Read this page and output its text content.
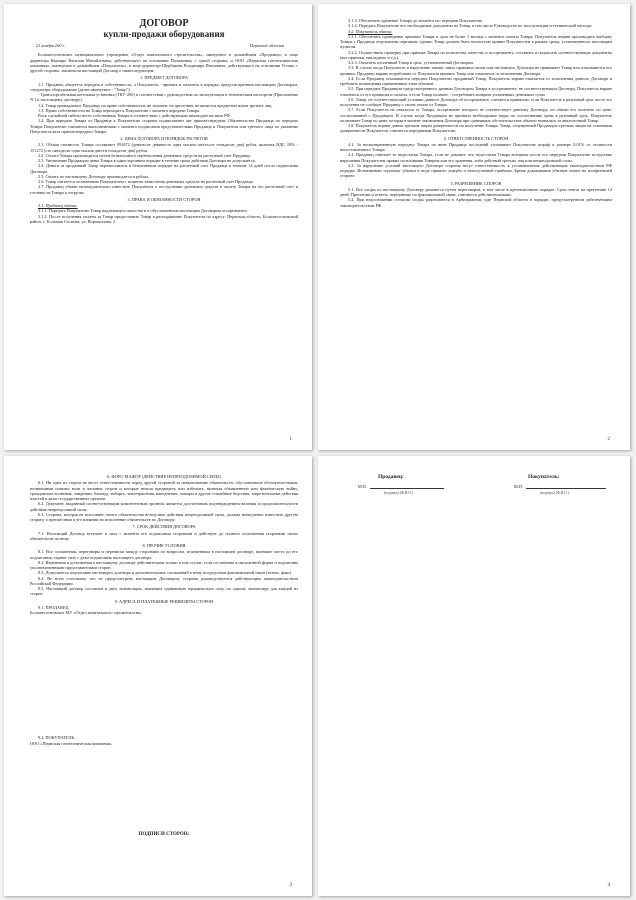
ДОГОВОР
купли-продажи оборудования
21 ноября 200 г.	Пермской области

Большесосновское муниципальное учреждение «Отдел капитального строительства», именуемое в дальнейшем «Продавец», в лице директора Карчиро Василия Михайловича, действующего на основании Положения, с одной стороны, и ООО «Пермская газотехническая компания», именуемое в дальнейшем «Покупатель», в лице директора Щербакова Владимира Павловича, действующего на основании Устава, с другой стороны, заключили настоящий Договор о нижеследующем:

1. ПРЕДМЕТ ДОГОВОРА

1.1. Продавец обязуется передать в собственность, а Покупатель - принять и оплатить в порядке, предусмотренном настоящим Договором, следующее оборудование (далее именуемое - "Товар"):

- Транспортабельная котельная установка (ТКУ-200) в соответствии с руководством по эксплуатации и техническим паспортом (Приложение N 1 к настоящему договору).

1.2. Товар принадлежит Продавцу на праве собственности, не заложен, не арестован, не является предметом исков третьих лиц.

1.3. Право собственности на Товар переходит к Покупателю с момента передачи Товара.

Риск случайной гибели несет собственник Товара в соответствии с действующим законодательством РФ.

1.4. При передаче Товара от Продавца к Покупателю стороны подписывают акт приема-передачи. Обязательства Продавца по передаче Товара Покупателю считаются выполненными с момента подписания представителями Продавца и Покупателя или третьего лица по указанию Покупателя акта приема-передачи Товара.

2. ЦЕНА ДОГОВОРА И ПОРЯДОК РАСЧЕТОВ

2.1. Общая стоимость Товара составляет 991672 (девятьсот девяносто одна тысяча шестьсот семьдесят два) рубля, включая НДС 18% - 151272 (сто пятьдесят одна тысяча двести семьдесят два) рубля.

2.2. Оплата Товара производится путем безналичного перечисления денежных средств на расчетный счет Продавца.

2.3. Увеличение Продавцом цены Товара в одностороннем порядке в течение срока действия Договора не допускается.

2.4. Деньги за проданный Товар перечисляются в безналичном порядке на расчетный счет Продавца в течение 14 дней после подписания Договора.

2.5. Оплата по настоящему Договору производится в рублях.

2.6. Товар считается оплаченным Покупателем с момента зачисления денежных средств на расчетный счет Продавца.

2.7. Продавец обязан незамедлительно известить Покупателя о поступлении денежных средств в оплату Товара на его расчетный счет и готовности Товара к отгрузке.

3. ПРАВА И ОБЯЗАННОСТИ СТОРОН

3.1. Продавец обязан:

3.1.1. Передать Покупателю Товар надлежащего качества и в обусловленном настоящим Договором ассортименте.

3.1.2. После получения оплаты за Товар предоставить Товар в распоряжение Покупателя по адресу: Пермская область, Большесосновский район, с. Большая Соснова, ул. Ворошилова, 2.

1

3.1.3. Обеспечить хранение Товара до момента его передачи Покупателю.

3.1.4. Передать Покупателю все необходимые документы на Товар, в том числе Руководство по эксплуатации и технический паспорт.

3.2. Покупатель обязан:

3.2.1. Обеспечить проведение приемки Товара в срок не более 1 месяца с момента оплаты Товара. Покупатель вправе производить выборку Товара у Продавца отдельными партиями, однако, Товар должен быть полностью принят Покупателем в рамках срока, установленного настоящим пунктом.

3.2.2. Осуществить проверку при приемке Товара по количеству, качеству и ассортименту, составить и подписать соответствующие документы (акт приемки, накладную и т.д.).

3.2.3. Оплатить купленный Товар в срок, установленный Договором.

3.3. В случае когда Покупатель в нарушение закона, иных правовых актов или настоящего Договора не принимает Товар или отказывается его принять, Продавец вправе потребовать от Покупателя принять Товар или отказаться от исполнения Договора.

3.4. Если Продавец отказывается передать Покупателю проданный Товар, Покупатель вправе отказаться от исполнения данного Договора и требовать возмещения причиненных этим убытков.

3.5. При передаче Продавцом предусмотренного данным Договором Товара в ассортименте, не соответствующем Договору, Покупатель вправе отказаться от его принятия и оплаты, а если Товар оплачен, - потребовать возврата уплаченных денежных сумм.

3.6. Товар, не соответствующий условию данного Договора об ассортименте, считается принятым, если Покупатель в разумный срок после его получения не сообщит Продавцу о своем отказе от Товара.

3.7. Если Покупатель не отказался от Товара, ассортимент которого не соответствует данному Договору, он обязан его оплатить по цене, согласованной с Продавцом. В случае когда Продавцом не приняты необходимые меры по согласованию цены в разумный срок, Покупатель оплачивает Товар по цене, которая в момент заключения Договора при сравнимых обстоятельствах обычно взималась за аналогичный Товар.

3.8. Покупатель вправе давать третьим лицам доверенности на получение Товара. Товар, отпущенный Продавцом третьим лицам на основании доверенности Покупателя, считается переданным Покупателю.

4. ОТВЕТСТВЕННОСТЬ СТОРОН

4.1. За несвоевременную передачу Товара по вине Продавца последний уплачивает Покупателю штраф в размере 0,01% от стоимости непоставленного Товара.

4.2. Продавец отвечает за недостатки Товара, если не докажет, что недостатки Товара возникли после его передачи Покупателю вследствие нарушения Покупателем правил пользования Товаром или его хранения, либо действий третьих лиц или непреодолимой силы.

4.3. За нарушение условий настоящего Договора стороны несут ответственность в установленном действующим законодательством РФ порядке. Возмещению подлежат убытки в виде прямого ущерба и неполученной прибыли. Бремя доказывания убытков лежит на потерпевшей стороне.

5. РАЗРЕШЕНИЕ СПОРОВ

5.1. Все споры по настоящему Договору решаются путем переговоров, в том числе в претензионном порядке. Срок ответа на претензию 14 дней. Претензии и ответы, переданные по факсимильной связи, считаются действительными.

5.2. При недостижении согласия споры разрешаются в Арбитражном суде Пермской области в порядке, предусмотренном действующим законодательством РФ.

2
6. ФОРС-МАЖОР (ДЕЙСТВИЕ НЕПРЕОДОЛИМОЙ СИЛЫ)

6.1. Ни одна из сторон не несет ответственности перед другой стороной за невыполнение обязательств, обусловленное обстоятельствами, возникшими помимо воли и желания сторон и которые нельзя предвидеть или избежать, включая объявленную или фактическую войну, гражданские волнения, эпидемии, блокаду, эмбарго, землетрясения, наводнения, пожары и другие стихийные бедствия, запретительные действия властей и акты государственных органов.

6.2. Документ, выданный соответствующим компетентным органом, является достаточным подтверждением наличия и продолжительности действия непреодолимой силы.

6.3. Сторона, которая не исполняет своего обязательства вследствие действия непреодолимой силы, должна немедленно известить другую сторону о препятствии и его влиянии на исполнение обязательств по Договору.

7. СРОК ДЕЙСТВИЯ ДОГОВОРА

7.1. Настоящий Договор вступает в силу с момента его подписания сторонами и действует до полного исполнения сторонами своих обязательств по нему.

8. ПРОЧИЕ УСЛОВИЯ

8.1. Все соглашения, переговоры и переписка между сторонами по вопросам, изложенным в настоящем договоре, имевшие место до его подписания, теряют силу с даты подписания настоящего договора.

8.2. Изменения и дополнения к настоящему договору действительны только в том случае, если составлены в письменной форме и подписаны уполномоченными представителями сторон.

8.3. Допускается подписание настоящего договора и дополнительных соглашений к нему посредством факсимильной связи (телекс, факс).

8.4. Во всем остальном, что не предусмотрено настоящим Договором, стороны руководствуются действующим законодательством Российской Федерации.

8.5. Настоящий договор составлен в двух экземплярах, имеющих одинаковую юридическую силу, по одному экземпляру для каждой из сторон.

9. АДРЕСА И ПЛАТЕЖНЫЕ РЕКВИЗИТЫ СТОРОН

9.1. ПРОДАВЕЦ

Большесосновское МУ «Отдел капитального строительства»

9.2. ПОКУПАТЕЛЬ:

ООО «Пермская газотехническая компания»

ПОДПИСИ СТОРОН:
3
Продавец:	Покупатель:
М.П.
(подпись) (Ф.И.О.)
М.П.
(подпись) (Ф.И.О.)
4
